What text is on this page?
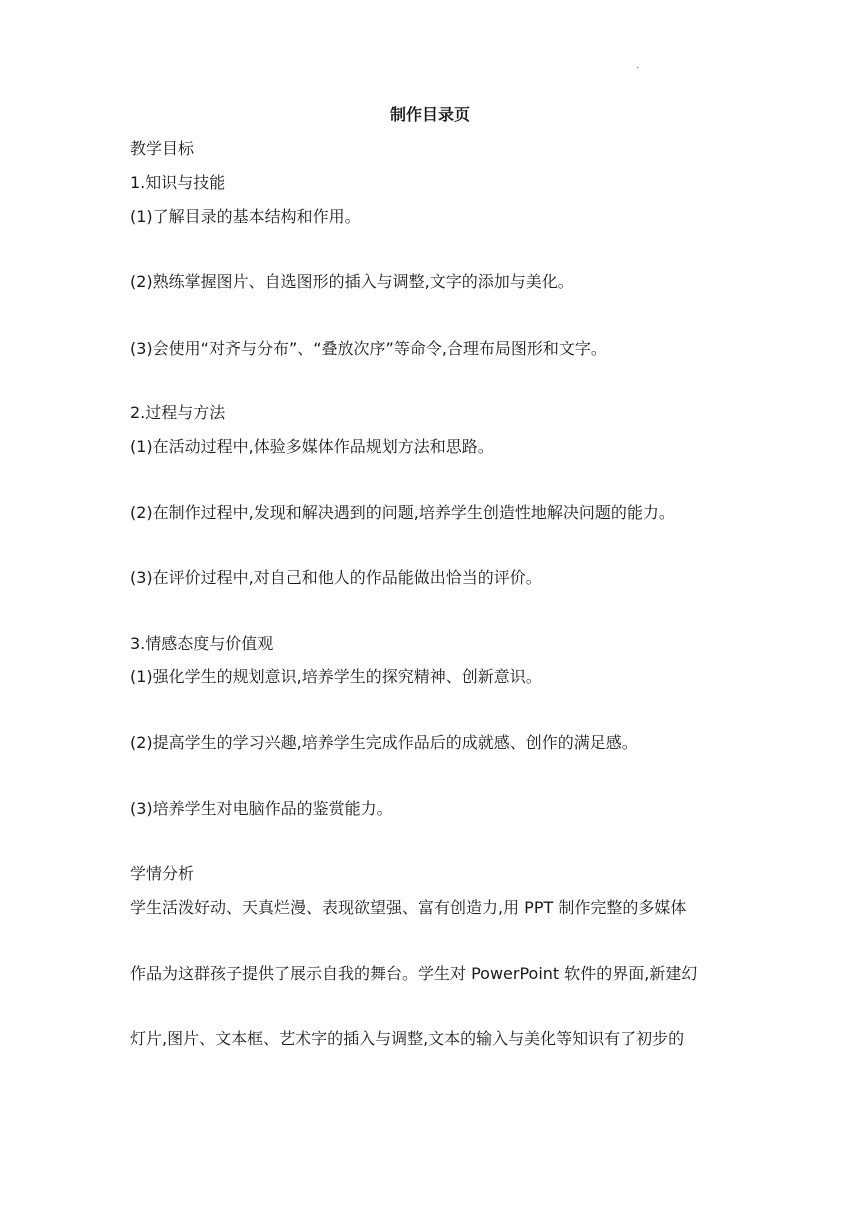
.
制作目录页
教学目标
1.知识与技能
(1)了解目录的基本结构和作用。
(2)熟练掌握图片、自选图形的插入与调整,文字的添加与美化。
(3)会使用“对齐与分布”、“叠放次序”等命令,合理布局图形和文字。
2.过程与方法
(1)在活动过程中,体验多媒体作品规划方法和思路。
(2)在制作过程中,发现和解决遇到的问题,培养学生创造性地解决问题的能力。
(3)在评价过程中,对自己和他人的作品能做出恰当的评价。
3.情感态度与价值观
(1)强化学生的规划意识,培养学生的探究精神、创新意识。
(2)提高学生的学习兴趣,培养学生完成作品后的成就感、创作的满足感。
(3)培养学生对电脑作品的鉴赏能力。
学情分析
学生活泼好动、天真烂漫、表现欲望强、富有创造力,用 PPT 制作完整的多媒体
作品为这群孩子提供了展示自我的舞台。学生对 PowerPoint 软件的界面,新建幻
灯片,图片、文本框、艺术字的插入与调整,文本的输入与美化等知识有了初步的
